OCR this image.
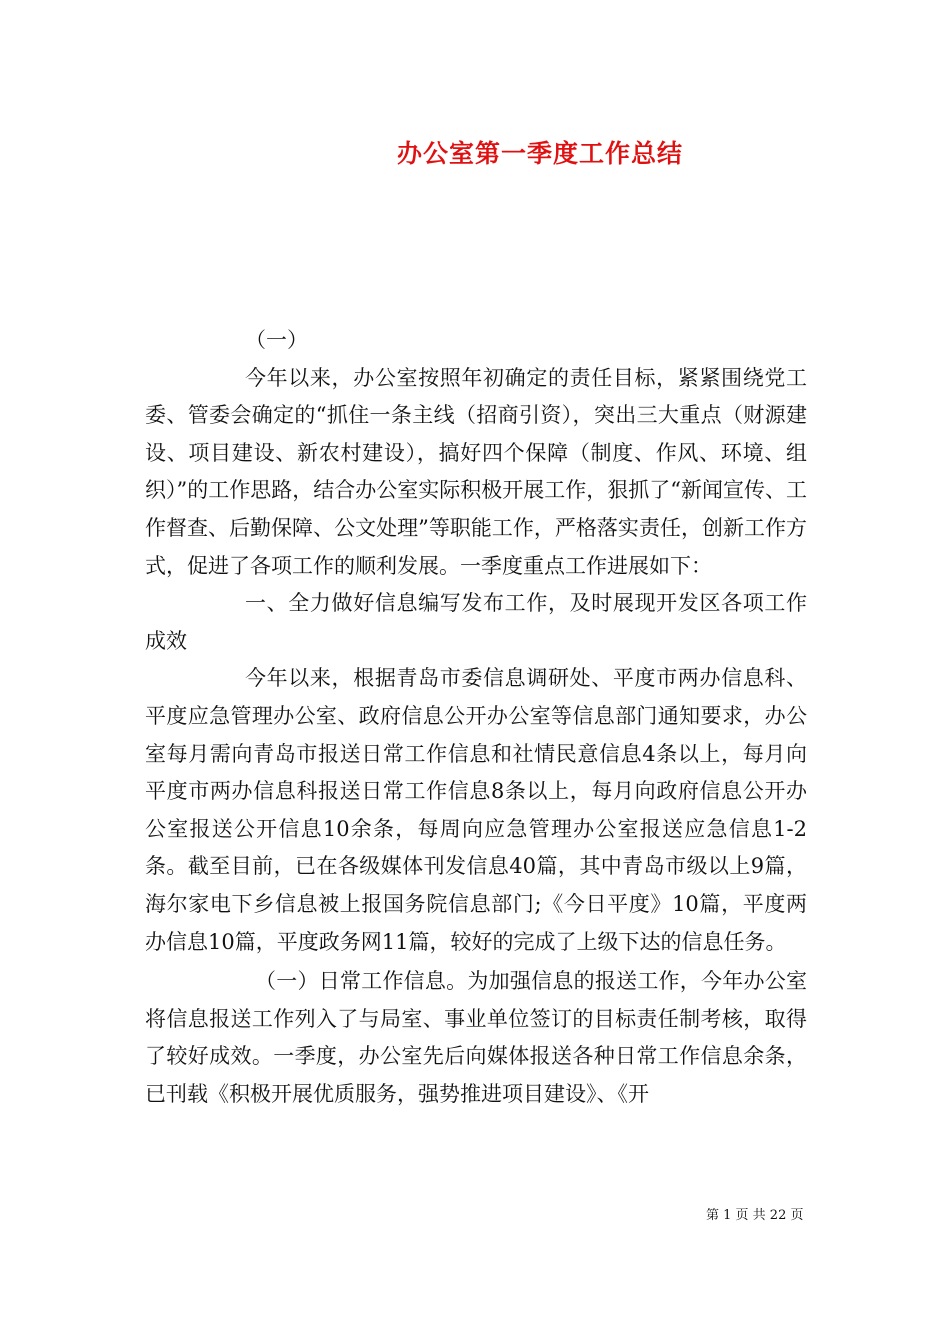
办公室第一季度工作总结

（一）

今年以来，办公室按照年初确定的责任目标，紧紧围绕党工委、管委会确定的“抓住一条主线（招商引资），突出三大重点（财源建设、项目建设、新农村建设），搞好四个保障（制度、作风、环境、组织）”的工作思路，结合办公室实际积极开展工作，狠抓了“新闻宣传、工作督查、后勤保障、公文处理”等职能工作，严格落实责任，创新工作方式，促进了各项工作的顺利发展。一季度重点工作进展如下：

一、全力做好信息编写发布工作，及时展现开发区各项工作成效

今年以来，根据青岛市委信息调研处、平度市两办信息科、平度应急管理办公室、政府信息公开办公室等信息部门通知要求，办公室每月需向青岛市报送日常工作信息和社情民意信息4条以上，每月向平度市两办信息科报送日常工作信息8条以上，每月向政府信息公开办公室报送公开信息10余条，每周向应急管理办公室报送应急信息1-2条。截至目前，已在各级媒体刊发信息40篇，其中青岛市级以上9篇，海尔家电下乡信息被上报国务院信息部门;《今日平度》10篇，平度两办信息10篇，平度政务网11篇，较好的完成了上级下达的信息任务。

（一）日常工作信息。为加强信息的报送工作，今年办公室将信息报送工作列入了与局室、事业单位签订的目标责任制考核，取得了较好成效。一季度，办公室先后向媒体报送各种日常工作信息余条，已刊载《积极开展优质服务，强势推进项目建设》、《开

第 1 页 共 22 页
